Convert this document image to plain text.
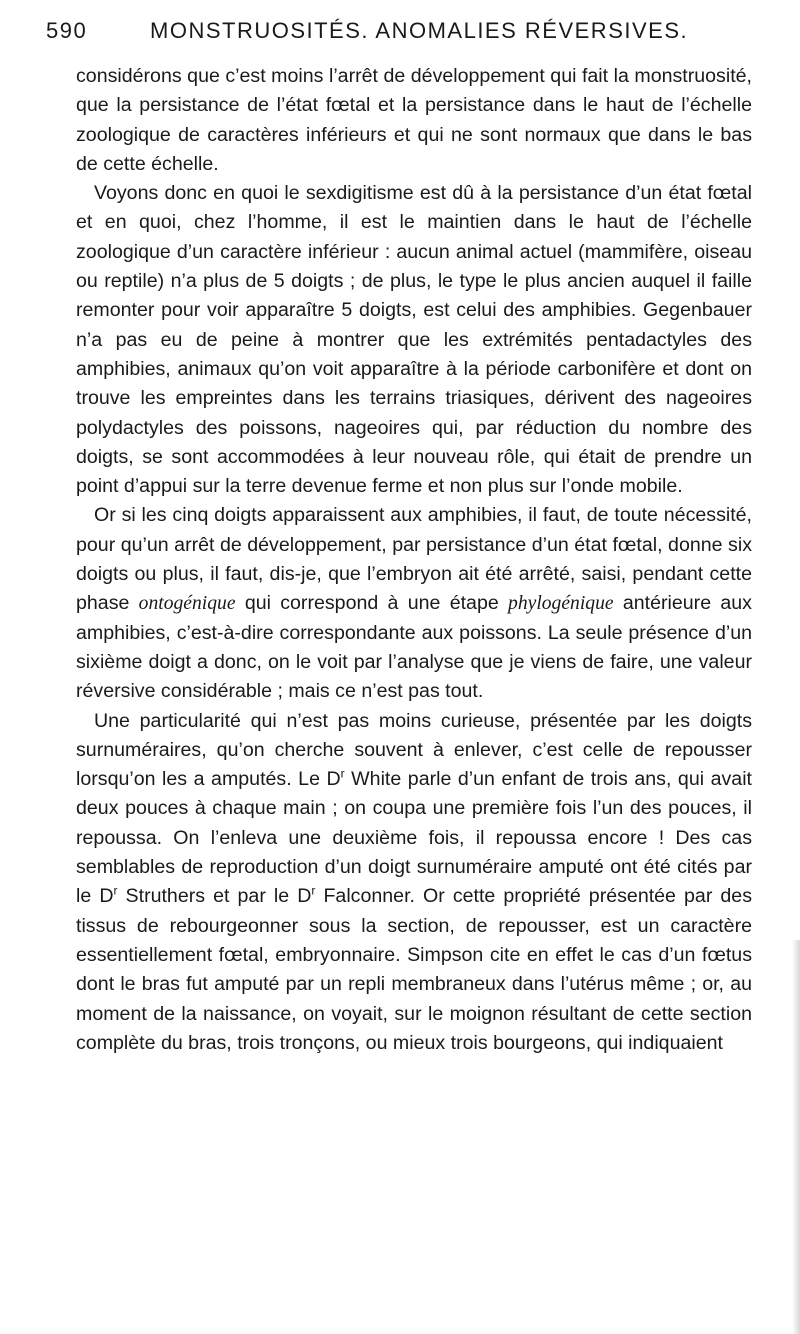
590	MONSTRUOSITÉS. ANOMALIES RÉVERSIVES.

considérons que c’est moins l’arrêt de développement qui fait la monstruosité, que la persistance de l’état fœtal et la persistance dans le haut de l’échelle zoologique de caractères inférieurs et qui ne sont normaux que dans le bas de cette échelle.

Voyons donc en quoi le sexdigitisme est dû à la persistance d’un état fœtal et en quoi, chez l’homme, il est le maintien dans le haut de l’échelle zoologique d’un caractère inférieur : aucun animal actuel (mammifère, oiseau ou reptile) n’a plus de 5 doigts ; de plus, le type le plus ancien auquel il faille remonter pour voir apparaître 5 doigts, est celui des amphibies. Gegenbauer n’a pas eu de peine à montrer que les extrémités pentadactyles des amphibies, animaux qu’on voit apparaître à la période carbonifère et dont on trouve les empreintes dans les terrains triasiques, dérivent des nageoires polydactyles des poissons, nageoires qui, par réduction du nombre des doigts, se sont accommodées à leur nouveau rôle, qui était de prendre un point d’appui sur la terre devenue ferme et non plus sur l’onde mobile.

Or si les cinq doigts apparaissent aux amphibies, il faut, de toute nécessité, pour qu’un arrêt de développement, par persistance d’un état fœtal, donne six doigts ou plus, il faut, dis-je, que l’embryon ait été arrêté, saisi, pendant cette phase ontogénique qui correspond à une étape phylogénique antérieure aux amphibies, c’est-à-dire correspondante aux poissons. La seule présence d’un sixième doigt a donc, on le voit par l’analyse que je viens de faire, une valeur réversive considérable ; mais ce n’est pas tout.

Une particularité qui n’est pas moins curieuse, présentée par les doigts surnuméraires, qu’on cherche souvent à enlever, c’est celle de repousser lorsqu’on les a amputés. Le $D^r$ White parle d’un enfant de trois ans, qui avait deux pouces à chaque main ; on coupa une première fois l’un des pouces, il repoussa. On l’enleva une deuxième fois, il repoussa encore ! Des cas semblables de reproduction d’un doigt surnuméraire amputé ont été cités par le $D^r$ Struthers et par le $D^r$ Falconner. Or cette propriété présentée par des tissus de rebourgeonner sous la section, de repousser, est un caractère essentiellement fœtal, embryonnaire. Simpson cite en effet le cas d’un fœtus dont le bras fut amputé par un repli membraneux dans l’utérus même ; or, au moment de la naissance, on voyait, sur le moignon résultant de cette section complète du bras, trois tronçons, ou mieux trois bourgeons, qui indiquaient
